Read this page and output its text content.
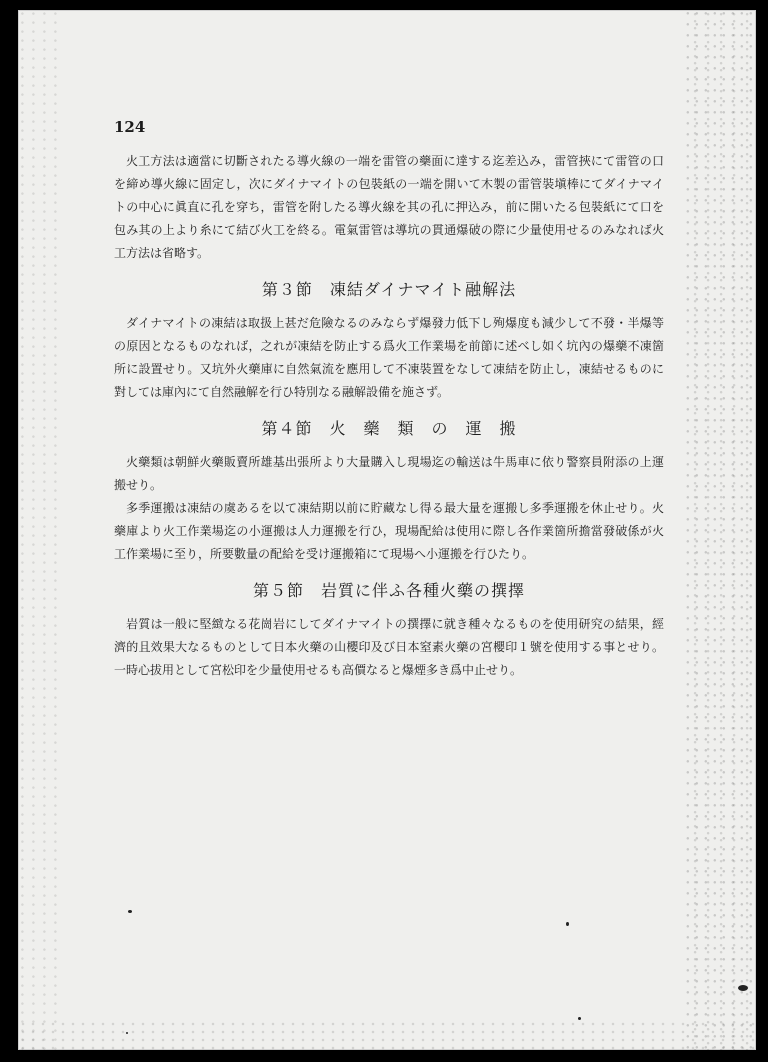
124

火工方法は適當に切斷されたる導火線の一端を雷管の藥面に達する迄差込み，雷管挾にて雷管の口を締め導火線に固定し，次にダイナマイトの包裝紙の一端を開いて木製の雷管裝塡棒にてダイナマイトの中心に眞直に孔を穿ち，雷管を附したる導火線を其の孔に押込み，前に開いたる包裝紙にて口を包み其の上より糸にて結び火工を終る。電氣雷管は導坑の貫通爆破の際に少量使用せるのみなれば火工方法は省略す。

第３節　凍結ダイナマイト融解法

ダイナマイトの凍結は取扱上甚だ危險なるのみならず爆發力低下し殉爆度も減少して不發・半爆等の原因となるものなれば，之れが凍結を防止する爲火工作業場を前節に述べし如く坑內の爆藥不凍箇所に設置せり。又坑外火藥庫に自然氣流を應用して不凍裝置をなして凍結を防止し，凍結せるものに對しては庫內にて自然融解を行ひ特別なる融解設備を施さず。

第４節　火　藥　類　の　運　搬

火藥類は朝鮮火藥販賣所雄基出張所より大量購入し現場迄の輸送は牛馬車に依り警察員附添の上運搬せり。

多季運搬は凍結の虞あるを以て凍結期以前に貯藏なし得る最大量を運搬し多季運搬を休止せり。火藥庫より火工作業場迄の小運搬は人力運搬を行ひ，現場配給は使用に際し各作業箇所擔當發破係が火工作業場に至り，所要數量の配給を受け運搬箱にて現場へ小運搬を行ひたり。

第５節　岩質に伴ふ各種火藥の撰擇

岩質は一般に堅緻なる花崗岩にしてダイナマイトの撰擇に就き種々なるものを使用研究の結果，經濟的且效果大なるものとして日本火藥の山櫻印及び日本窒素火藥の宮櫻印１號を使用する事とせり。一時心拔用として宮松印を少量使用せるも高價なると爆煙多き爲中止せり。
